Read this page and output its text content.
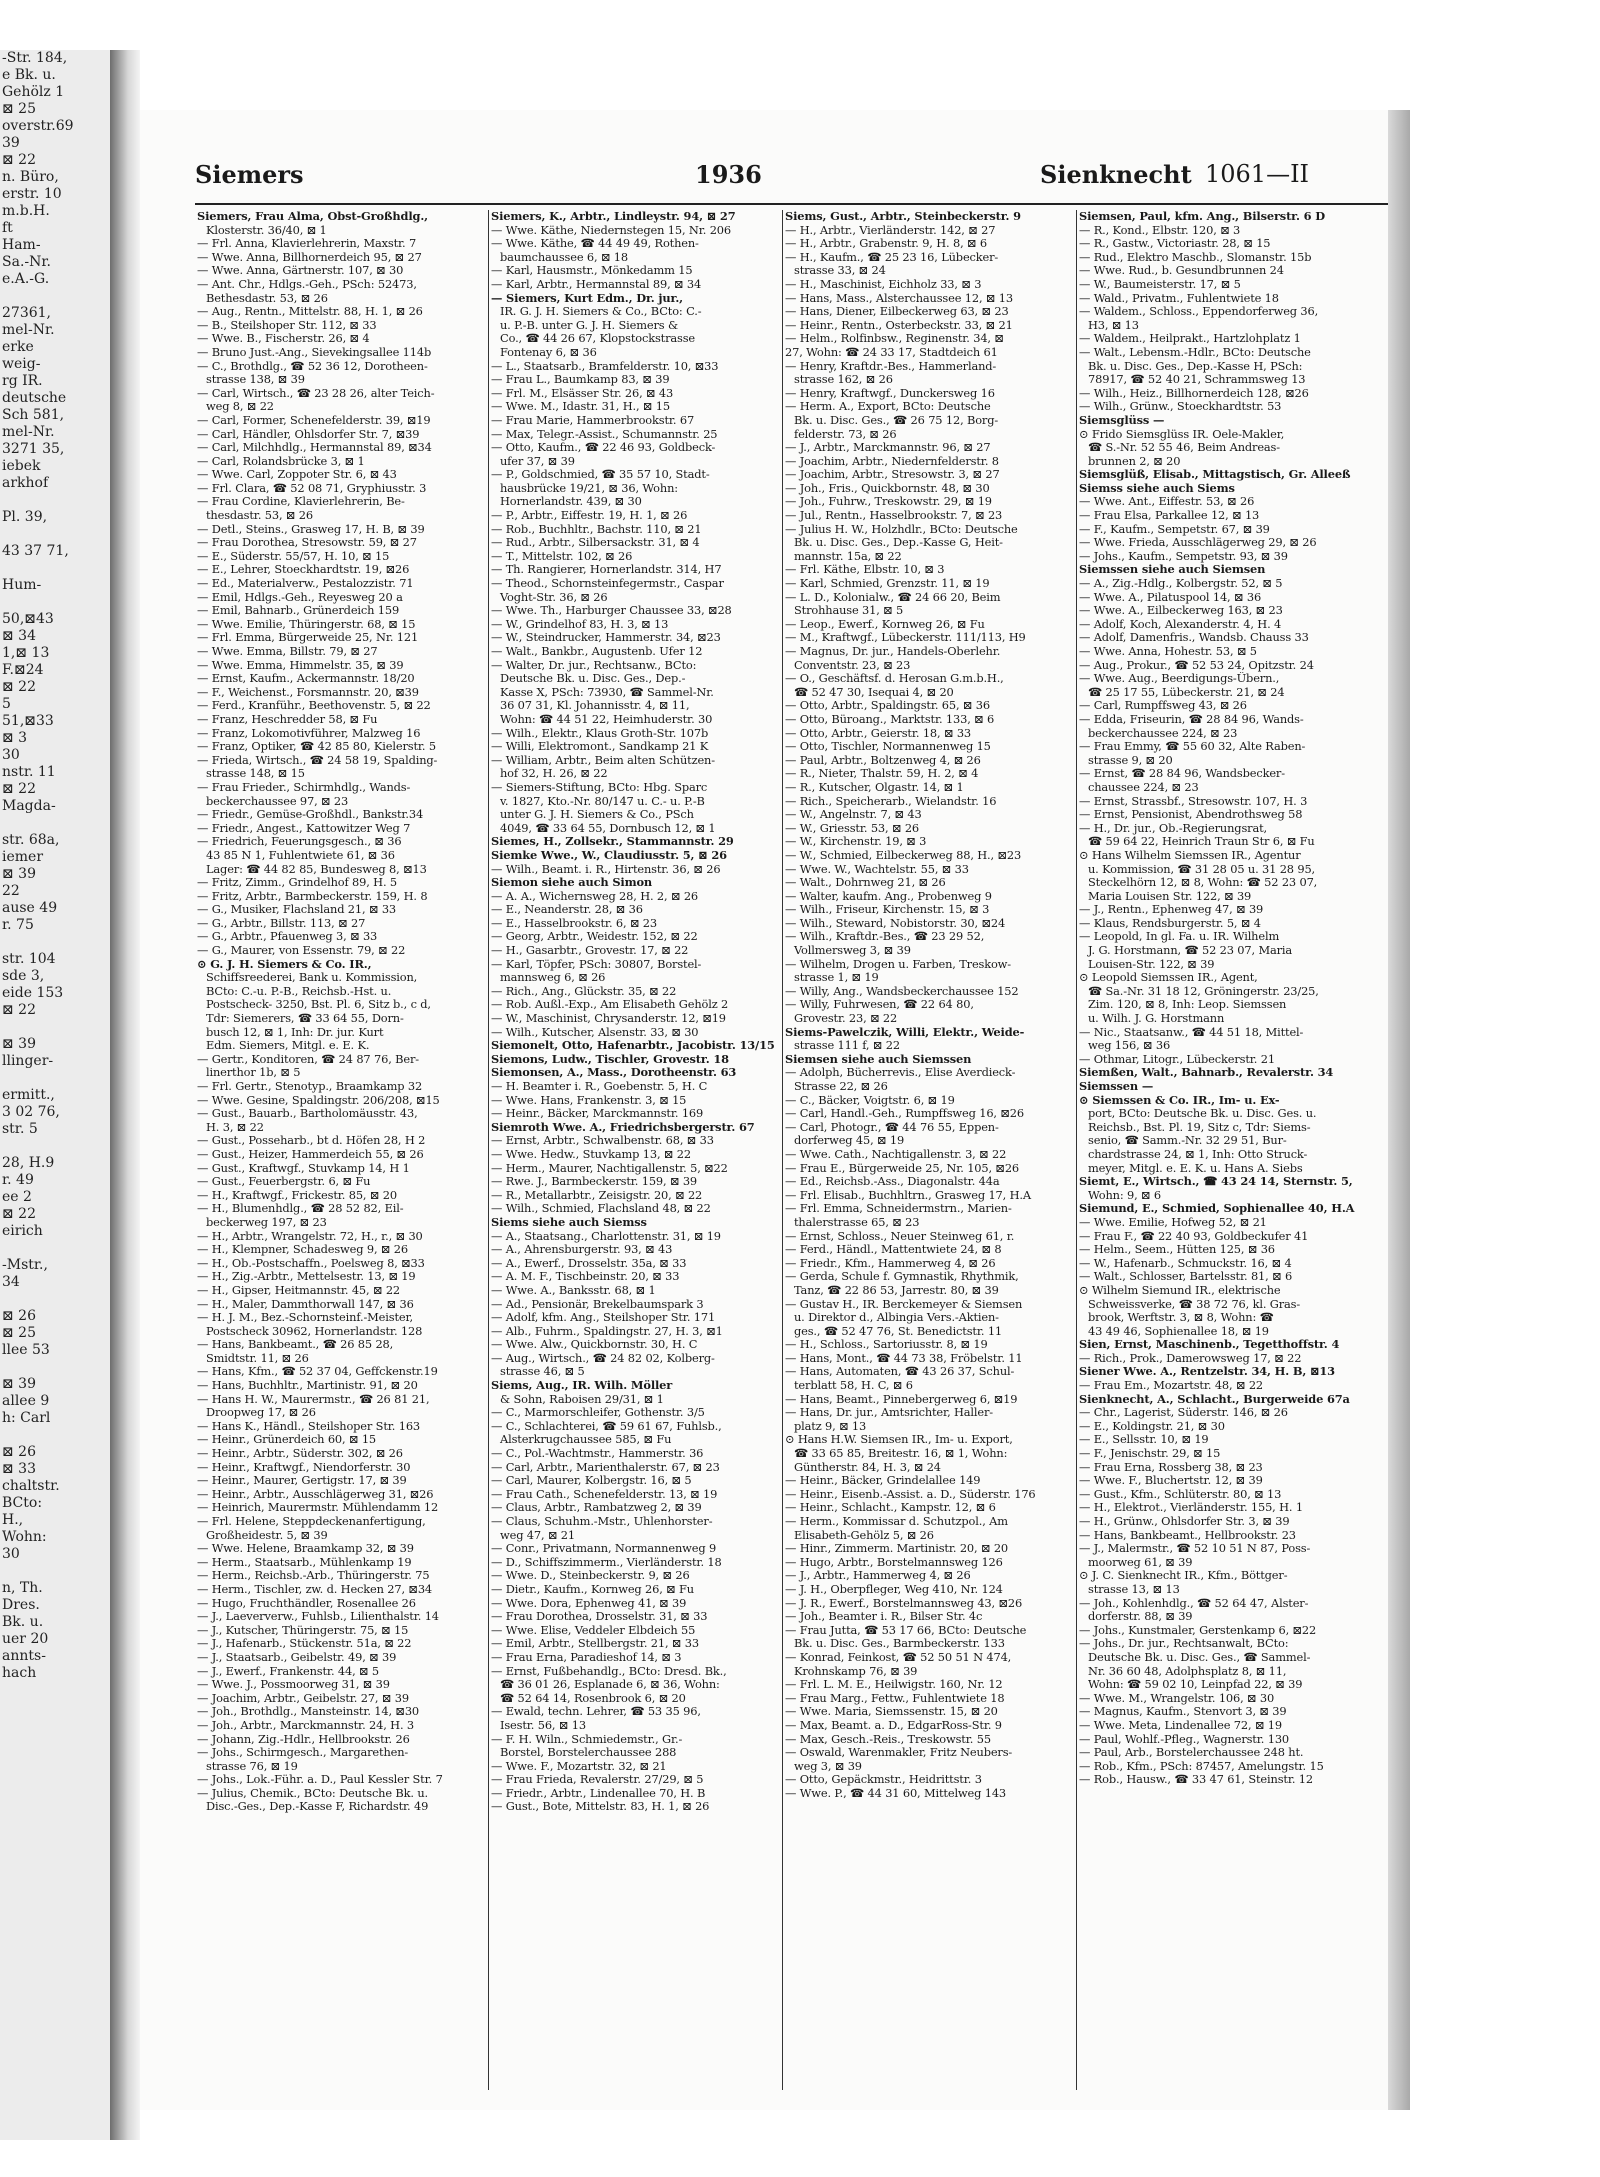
-Str. 184,
e Bk. u.
Gehölz 1
⊠ 25
overstr.69
39
⊠ 22
n. Büro,
erstr. 10
m.b.H.
ft
Ham-
Sa.-Nr.
e.A.-G.

27361,
mel-Nr.
erke
weig-
rg IR.
deutsche
Sch 581,
mel-Nr.
3271 35,
iebek
arkhof

Pl. 39,

43 37 71,

Hum-

50,⊠43
⊠ 34
1,⊠ 13
F.⊠24
⊠ 22
5
51,⊠33
⊠ 3
30
nstr. 11
⊠ 22
Magda-

str. 68a,
iemer
⊠ 39
22
ause 49
r. 75

str. 104
sde 3,
eide 153
⊠ 22

⊠ 39
llinger-

ermitt.,
3 02 76,
str. 5

28, H.9
r. 49
ee 2
⊠ 22
eirich

-Mstr.,
34

⊠ 26
⊠ 25
llee 53

⊠ 39
allee 9
h: Carl

⊠ 26
⊠ 33
chaltstr.
BCto:
H.,
Wohn:
30

n, Th.
Dres.
Bk. u.
uer 20
annts-
hach
Siemers	1936	Sienknecht 1061—II
Siemers, Frau Alma, Obst-Großhdlg.,
Klosterstr. 36/40, ⊠ 1
— Frl. Anna, Klavierlehrerin, Maxstr. 7
— Wwe. Anna, Billhornerdeich 95, ⊠ 27
— Wwe. Anna, Gärtnerstr. 107, ⊠ 30
— Ant. Chr., Hdlgs.-Geh., PSch: 52473,
Bethesdastr. 53, ⊠ 26
— Aug., Rentn., Mittelstr. 88, H. 1, ⊠ 26
— B., Steilshoper Str. 112, ⊠ 33
— Wwe. B., Fischerstr. 26, ⊠ 4
— Bruno Just.-Ang., Sievekingsallee 114b
— C., Brothdlg., ☎ 52 36 12, Dorotheen-
strasse 138, ⊠ 39
— Carl, Wirtsch., ☎ 23 28 26, alter Teich-
weg 8, ⊠ 22
— Carl, Former, Schenefelderstr. 39, ⊠19
— Carl, Händler, Ohlsdorfer Str. 7, ⊠39
— Carl, Milchhdlg., Hermannstal 89, ⊠34
— Carl, Rolandsbrücke 3, ⊠ 1
— Wwe. Carl, Zoppoter Str. 6, ⊠ 43
— Frl. Clara, ☎ 52 08 71, Gryphiusstr. 3
— Frau Cordine, Klavierlehrerin, Be-
thesdastr. 53, ⊠ 26
— Detl., Steins., Grasweg 17, H. B, ⊠ 39
— Frau Dorothea, Stresowstr. 59, ⊠ 27
— E., Süderstr. 55/57, H. 10, ⊠ 15
— E., Lehrer, Stoeckhardtstr. 19, ⊠26
— Ed., Materialverw., Pestalozzistr. 71
— Emil, Hdlgs.-Geh., Reyesweg 20 a
— Emil, Bahnarb., Grünerdeich 159
— Wwe. Emilie, Thüringerstr. 68, ⊠ 15
— Frl. Emma, Bürgerweide 25, Nr. 121
— Wwe. Emma, Billstr. 79, ⊠ 27
— Wwe. Emma, Himmelstr. 35, ⊠ 39
— Ernst, Kaufm., Ackermannstr. 18/20
— F., Weichenst., Forsmannstr. 20, ⊠39
— Ferd., Kranführ., Beethovenstr. 5, ⊠ 22
— Franz, Heschredder 58, ⊠ Fu
— Franz, Lokomotivführer, Malzweg 16
— Franz, Optiker, ☎ 42 85 80, Kielerstr. 5
— Frieda, Wirtsch., ☎ 24 58 19, Spalding-
strasse 148, ⊠ 15
— Frau Frieder., Schirmhdlg., Wands-
beckerchaussee 97, ⊠ 23
— Friedr., Gemüse-Großhdl., Bankstr.34
— Friedr., Angest., Kattowitzer Weg 7
— Friedrich, Feuerungsgesch., ⊠ 36
43 85 N 1, Fuhlentwiete 61, ⊠ 36
Lager: ☎ 44 82 85, Bundesweg 8, ⊠13
— Fritz, Zimm., Grindelhof 89, H. 5
— Fritz, Arbtr., Barmbeckerstr. 159, H. 8
— G., Musiker, Flachsland 21, ⊠ 33
— G., Arbtr., Billstr. 113, ⊠ 27
— G., Arbtr., Pfauenweg 3, ⊠ 33
— G., Maurer, von Essenstr. 79, ⊠ 22
⊙ G. J. H. Siemers & Co. IR.,
Schiffsreederei, Bank u. Kommission,
BCto: C.-u. P.-B., Reichsb.-Hst. u.
Postscheck- 3250, Bst. Pl. 6, Sitz b., c d,
Tdr: Siemerers, ☎ 33 64 55, Dorn-
busch 12, ⊠ 1, Inh: Dr. jur. Kurt
Edm. Siemers, Mitgl. e. E. K.
— Gertr., Konditoren, ☎ 24 87 76, Ber-
linerthor 1b, ⊠ 5
— Frl. Gertr., Stenotyp., Braamkamp 32
— Wwe. Gesine, Spaldingstr. 206/208, ⊠15
— Gust., Bauarb., Bartholomäusstr. 43,
H. 3, ⊠ 22
— Gust., Posseharb., bt d. Höfen 28, H 2
— Gust., Heizer, Hammerdeich 55, ⊠ 26
— Gust., Kraftwgf., Stuvkamp 14, H 1
— Gust., Feuerbergstr. 6, ⊠ Fu
— H., Kraftwgf., Frickestr. 85, ⊠ 20
— H., Blumenhdlg., ☎ 28 52 82, Eil-
beckerweg 197, ⊠ 23
— H., Arbtr., Wrangelstr. 72, H., r., ⊠ 30
— H., Klempner, Schadesweg 9, ⊠ 26
— H., Ob.-Postschaffn., Poelsweg 8, ⊠33
— H., Zig.-Arbtr., Mettelsestr. 13, ⊠ 19
— H., Gipser, Heitmannstr. 45, ⊠ 22
— H., Maler, Dammthorwall 147, ⊠ 36
— H. J. M., Bez.-Schornsteinf.-Meister,
Postscheck 30962, Hornerlandstr. 128
— Hans, Bankbeamt., ☎ 26 85 28,
Smidtstr. 11, ⊠ 26
— Hans, Kfm., ☎ 52 37 04, Geffckenstr.19
— Hans, Buchhltr., Martinistr. 91, ⊠ 20
— Hans H. W., Maurermstr., ☎ 26 81 21,
Droopweg 17, ⊠ 26
— Hans K., Händl., Steilshoper Str. 163
— Heinr., Grünerdeich 60, ⊠ 15
— Heinr., Arbtr., Süderstr. 302, ⊠ 26
— Heinr., Kraftwgf., Niendorferstr. 30
— Heinr., Maurer, Gertigstr. 17, ⊠ 39
— Heinr., Arbtr., Ausschlägerweg 31, ⊠26
— Heinrich, Maurermstr. Mühlendamm 12
— Frl. Helene, Steppdeckenanfertigung,
Großheidestr. 5, ⊠ 39
— Wwe. Helene, Braamkamp 32, ⊠ 39
— Herm., Staatsarb., Mühlenkamp 19
— Herm., Reichsb.-Arb., Thüringerstr. 75
— Herm., Tischler, zw. d. Hecken 27, ⊠34
— Hugo, Fruchthändler, Rosenallee 26
— J., Laeververw., Fuhlsb., Lilienthalstr. 14
— J., Kutscher, Thüringerstr. 75, ⊠ 15
— J., Hafenarb., Stückenstr. 51a, ⊠ 22
— J., Staatsarb., Geibelstr. 49, ⊠ 39
— J., Ewerf., Frankenstr. 44, ⊠ 5
— Wwe. J., Possmoorweg 31, ⊠ 39
— Joachim, Arbtr., Geibelstr. 27, ⊠ 39
— Joh., Brothdlg., Mansteinstr. 14, ⊠30
— Joh., Arbtr., Marckmannstr. 24, H. 3
— Johann, Zig.-Hdlr., Hellbrookstr. 26
— Johs., Schirmgesch., Margarethen-
strasse 76, ⊠ 19
— Johs., Lok.-Führ. a. D., Paul Kessler Str. 7
— Julius, Chemik., BCto: Deutsche Bk. u.
Disc.-Ges., Dep.-Kasse F, Richardstr. 49
Siemers, K., Arbtr., Lindleystr. 94, ⊠ 27
— Wwe. Käthe, Niedernstegen 15, Nr. 206
— Wwe. Käthe, ☎ 44 49 49, Rothen-
baumchaussee 6, ⊠ 18
— Karl, Hausmstr., Mönkedamm 15
— Karl, Arbtr., Hermannstal 89, ⊠ 34
— Siemers, Kurt Edm., Dr. jur.,
IR. G. J. H. Siemers & Co., BCto: C.-
u. P.-B. unter G. J. H. Siemers &
Co., ☎ 44 26 67, Klopstockstrasse
Fontenay 6, ⊠ 36
— L., Staatsarb., Bramfelderstr. 10, ⊠33
— Frau L., Baumkamp 83, ⊠ 39
— Frl. M., Elsässer Str. 26, ⊠ 43
— Wwe. M., Idastr. 31, H., ⊠ 15
— Frau Marie, Hammerbrookstr. 67
— Max, Telegr.-Assist., Schumannstr. 25
— Otto, Kaufm., ☎ 22 46 93, Goldbeck-
ufer 37, ⊠ 39
— P., Goldschmied, ☎ 35 57 10, Stadt-
hausbrücke 19/21, ⊠ 36, Wohn:
Hornerlandstr. 439, ⊠ 30
— P., Arbtr., Eiffestr. 19, H. 1, ⊠ 26
— Rob., Buchhltr., Bachstr. 110, ⊠ 21
— Rud., Arbtr., Silbersackstr. 31, ⊠ 4
— T., Mittelstr. 102, ⊠ 26
— Th. Rangierer, Hornerlandstr. 314, H7
— Theod., Schornsteinfegermstr., Caspar
Voght-Str. 36, ⊠ 26
— Wwe. Th., Harburger Chaussee 33, ⊠28
— W., Grindelhof 83, H. 3, ⊠ 13
— W., Steindrucker, Hammerstr. 34, ⊠23
— Walt., Bankbr., Augustenb. Ufer 12
— Walter, Dr. jur., Rechtsanw., BCto:
Deutsche Bk. u. Disc. Ges., Dep.-
Kasse X, PSch: 73930, ☎ Sammel-Nr.
36 07 31, Kl. Johannisstr. 4, ⊠ 11,
Wohn: ☎ 44 51 22, Heimhuderstr. 30
— Wilh., Elektr., Klaus Groth-Str. 107b
— Willi, Elektromont., Sandkamp 21 K
— William, Arbtr., Beim alten Schützen-
hof 32, H. 26, ⊠ 22
— Siemers-Stiftung, BCto: Hbg. Sparc
v. 1827, Kto.-Nr. 80/147 u. C.- u. P.-B
unter G. J. H. Siemers & Co., PSch
4049, ☎ 33 64 55, Dornbusch 12, ⊠ 1
Siemes, H., Zollsekr., Stammannstr. 29
Siemke Wwe., W., Claudiusstr. 5, ⊠ 26
— Wilh., Beamt. i. R., Hirtenstr. 36, ⊠ 26
Siemon siehe auch Simon
— A. A., Wichernsweg 28, H. 2, ⊠ 26
— E., Neanderstr. 28, ⊠ 36
— E., Hasselbrookstr. 6, ⊠ 23
— Georg, Arbtr., Weidestr. 152, ⊠ 22
— H., Gasarbtr., Grovestr. 17, ⊠ 22
— Karl, Töpfer, PSch: 30807, Borstel-
mannsweg 6, ⊠ 26
— Rich., Ang., Glückstr. 35, ⊠ 22
— Rob. Außl.-Exp., Am Elisabeth Gehölz 2
— W., Maschinist, Chrysanderstr. 12, ⊠19
— Wilh., Kutscher, Alsenstr. 33, ⊠ 30
Siemonelt, Otto, Hafenarbtr., Jacobistr. 13/15
Siemons, Ludw., Tischler, Grovestr. 18
Siemonsen, A., Mass., Dorotheenstr. 63
— H. Beamter i. R., Goebenstr. 5, H. C
— Wwe. Hans, Frankenstr. 3, ⊠ 15
— Heinr., Bäcker, Marckmannstr. 169
Siemroth Wwe. A., Friedrichsbergerstr. 67
— Ernst, Arbtr., Schwalbenstr. 68, ⊠ 33
— Wwe. Hedw., Stuvkamp 13, ⊠ 22
— Herm., Maurer, Nachtigallenstr. 5, ⊠22
— Rwe. J., Barmbeckerstr. 159, ⊠ 39
— R., Metallarbtr., Zeisigstr. 20, ⊠ 22
— Wilh., Schmied, Flachsland 48, ⊠ 22
Siems siehe auch Siemss
— A., Staatsang., Charlottenstr. 31, ⊠ 19
— A., Ahrensburgerstr. 93, ⊠ 43
— A., Ewerf., Drosselstr. 35a, ⊠ 33
— A. M. F., Tischbeinstr. 20, ⊠ 33
— Wwe. A., Banksstr. 68, ⊠ 1
— Ad., Pensionär, Brekelbaumspark 3
— Adolf, kfm. Ang., Steilshoper Str. 171
— Alb., Fuhrm., Spaldingstr. 27, H. 3, ⊠1
— Wwe. Alw., Quickbornstr. 30, H. C
— Aug., Wirtsch., ☎ 24 82 02, Kolberg-
strasse 46, ⊠ 5
Siems, Aug., IR. Wilh. Möller
& Sohn, Raboisen 29/31, ⊠ 1
— C., Marmorschleifer, Gothenstr. 3/5
— C., Schlachterei, ☎ 59 61 67, Fuhlsb.,
Alsterkrugchaussee 585, ⊠ Fu
— C., Pol.-Wachtmstr., Hammerstr. 36
— Carl, Arbtr., Marienthalerstr. 67, ⊠ 23
— Carl, Maurer, Kolbergstr. 16, ⊠ 5
— Frau Cath., Schenefelderstr. 13, ⊠ 19
— Claus, Arbtr., Rambatzweg 2, ⊠ 39
— Claus, Schuhm.-Mstr., Uhlenhorster-
weg 47, ⊠ 21
— Conr., Privatmann, Normannenweg 9
— D., Schiffszimmerm., Vierländerstr. 18
— Wwe. D., Steinbeckerstr. 9, ⊠ 26
— Dietr., Kaufm., Kornweg 26, ⊠ Fu
— Wwe. Dora, Ephenweg 41, ⊠ 39
— Frau Dorothea, Drosselstr. 31, ⊠ 33
— Wwe. Elise, Veddeler Elbdeich 55
— Emil, Arbtr., Stellbergstr. 21, ⊠ 33
— Frau Erna, Paradieshof 14, ⊠ 3
— Ernst, Fußbehandlg., BCto: Dresd. Bk.,
☎ 36 01 26, Esplanade 6, ⊠ 36, Wohn:
☎ 52 64 14, Rosenbrook 6, ⊠ 20
— Ewald, techn. Lehrer, ☎ 53 35 96,
Isestr. 56, ⊠ 13
— F. H. Wiln., Schmiedemstr., Gr.-
Borstel, Borstelerchaussee 288
— Wwe. F., Mozartstr. 32, ⊠ 21
— Frau Frieda, Revalerstr. 27/29, ⊠ 5
— Friedr., Arbtr., Lindenallee 70, H. B
— Gust., Bote, Mittelstr. 83, H. 1, ⊠ 26
Siems, Gust., Arbtr., Steinbeckerstr. 9
— H., Arbtr., Vierländerstr. 142, ⊠ 27
— H., Arbtr., Grabenstr. 9, H. 8, ⊠ 6
— H., Kaufm., ☎ 25 23 16, Lübecker-
strasse 33, ⊠ 24
— H., Maschinist, Eichholz 33, ⊠ 3
— Hans, Mass., Alsterchaussee 12, ⊠ 13
— Hans, Diener, Eilbeckerweg 63, ⊠ 23
— Heinr., Rentn., Osterbeckstr. 33, ⊠ 21
— Helm., Rolfinbsw., Reginenstr. 34, ⊠
27, Wohn: ☎ 24 33 17, Stadtdeich 61
— Henry, Kraftdr.-Bes., Hammerland-
strasse 162, ⊠ 26
— Henry, Kraftwgf., Dunckersweg 16
— Herm. A., Export, BCto: Deutsche
Bk. u. Disc. Ges., ☎ 26 75 12, Borg-
felderstr. 73, ⊠ 26
— J., Arbtr., Marckmannstr. 96, ⊠ 27
— Joachim, Arbtr., Niedernfelderstr. 8
— Joachim, Arbtr., Stresowstr. 3, ⊠ 27
— Joh., Fris., Quickbornstr. 48, ⊠ 30
— Joh., Fuhrw., Treskowstr. 29, ⊠ 19
— Jul., Rentn., Hasselbrookstr. 7, ⊠ 23
— Julius H. W., Holzhdlr., BCto: Deutsche
Bk. u. Disc. Ges., Dep.-Kasse G, Heit-
mannstr. 15a, ⊠ 22
— Frl. Käthe, Elbstr. 10, ⊠ 3
— Karl, Schmied, Grenzstr. 11, ⊠ 19
— L. D., Kolonialw., ☎ 24 66 20, Beim
Strohhause 31, ⊠ 5
— Leop., Ewerf., Kornweg 26, ⊠ Fu
— M., Kraftwgf., Lübeckerstr. 111/113, H9
— Magnus, Dr. jur., Handels-Oberlehr.
Conventstr. 23, ⊠ 23
— O., Geschäftsf. d. Herosan G.m.b.H.,
☎ 52 47 30, Isequai 4, ⊠ 20
— Otto, Arbtr., Spaldingstr. 65, ⊠ 36
— Otto, Büroang., Marktstr. 133, ⊠ 6
— Otto, Arbtr., Geierstr. 18, ⊠ 33
— Otto, Tischler, Normannenweg 15
— Paul, Arbtr., Boltzenweg 4, ⊠ 26
— R., Nieter, Thalstr. 59, H. 2, ⊠ 4
— R., Kutscher, Olgastr. 14, ⊠ 1
— Rich., Speicherarb., Wielandstr. 16
— W., Angelnstr. 7, ⊠ 43
— W., Griesstr. 53, ⊠ 26
— W., Kirchenstr. 19, ⊠ 3
— W., Schmied, Eilbeckerweg 88, H., ⊠23
— Wwe. W., Wachtelstr. 55, ⊠ 33
— Walt., Dohrnweg 21, ⊠ 26
— Walter, kaufm. Ang., Probenweg 9
— Wilh., Friseur, Kirchenstr. 15, ⊠ 3
— Wilh., Steward, Nobistorstr. 30, ⊠24
— Wilh., Kraftdr.-Bes., ☎ 23 29 52,
Vollmersweg 3, ⊠ 39
— Wilhelm, Drogen u. Farben, Treskow-
strasse 1, ⊠ 19
— Willy, Ang., Wandsbeckerchaussee 152
— Willy, Fuhrwesen, ☎ 22 64 80,
Grovestr. 23, ⊠ 22
Siems-Pawelczik, Willi, Elektr., Weide-
strasse 111 f, ⊠ 22
Siemsen siehe auch Siemssen
— Adolph, Bücherrevis., Elise Averdieck-
Strasse 22, ⊠ 26
— C., Bäcker, Voigtstr. 6, ⊠ 19
— Carl, Handl.-Geh., Rumpffsweg 16, ⊠26
— Carl, Photogr., ☎ 44 76 55, Eppen-
dorferweg 45, ⊠ 19
— Wwe. Cath., Nachtigallenstr. 3, ⊠ 22
— Frau E., Bürgerweide 25, Nr. 105, ⊠26
— Ed., Reichsb.-Ass., Diagonalstr. 44a
— Frl. Elisab., Buchhltrn., Grasweg 17, H.A
— Frl. Emma, Schneidermstrn., Marien-
thalerstrasse 65, ⊠ 23
— Ernst, Schloss., Neuer Steinweg 61, r.
— Ferd., Händl., Mattentwiete 24, ⊠ 8
— Friedr., Kfm., Hammerweg 4, ⊠ 26
— Gerda, Schule f. Gymnastik, Rhythmik,
Tanz, ☎ 22 86 53, Jarrestr. 80, ⊠ 39
— Gustav H., IR. Berckemeyer & Siemsen
u. Direktor d., Albingia Vers.-Aktien-
ges., ☎ 52 47 76, St. Benedictstr. 11
— H., Schloss., Sartoriusstr. 8, ⊠ 19
— Hans, Mont., ☎ 44 73 38, Fröbelstr. 11
— Hans, Automaten, ☎ 43 26 37, Schul-
terblatt 58, H. C, ⊠ 6
— Hans, Beamt., Pinnebergerweg 6, ⊠19
— Hans, Dr. jur., Amtsrichter, Haller-
platz 9, ⊠ 13
⊙ Hans H.W. Siemsen IR., Im- u. Export,
☎ 33 65 85, Breitestr. 16, ⊠ 1, Wohn:
Güntherstr. 84, H. 3, ⊠ 24
— Heinr., Bäcker, Grindelallee 149
— Heinr., Eisenb.-Assist. a. D., Süderstr. 176
— Heinr., Schlacht., Kampstr. 12, ⊠ 6
— Herm., Kommissar d. Schutzpol., Am
Elisabeth-Gehölz 5, ⊠ 26
— Hinr., Zimmerm. Martinistr. 20, ⊠ 20
— Hugo, Arbtr., Borstelmannsweg 126
— J., Arbtr., Hammerweg 4, ⊠ 26
— J. H., Oberpfleger, Weg 410, Nr. 124
— J. R., Ewerf., Borstelmannsweg 43, ⊠26
— Joh., Beamter i. R., Bilser Str. 4c
— Frau Jutta, ☎ 53 17 66, BCto: Deutsche
Bk. u. Disc. Ges., Barmbeckerstr. 133
— Konrad, Feinkost, ☎ 52 50 51 N 474,
Krohnskamp 76, ⊠ 39
— Frl. L. M. E., Heilwigstr. 160, Nr. 12
— Frau Marg., Fettw., Fuhlentwiete 18
— Wwe. Maria, Siemssenstr. 15, ⊠ 20
— Max, Beamt. a. D., EdgarRoss-Str. 9
— Max, Gesch.-Reis., Treskowstr. 55
— Oswald, Warenmakler, Fritz Neubers-
weg 3, ⊠ 39
— Otto, Gepäckmstr., Heidrittstr. 3
— Wwe. P., ☎ 44 31 60, Mittelweg 143
Siemsen, Paul, kfm. Ang., Bilserstr. 6 D
— R., Kond., Elbstr. 120, ⊠ 3
— R., Gastw., Victoriastr. 28, ⊠ 15
— Rud., Elektro Maschb., Slomanstr. 15b
— Wwe. Rud., b. Gesundbrunnen 24
— W., Baumeisterstr. 17, ⊠ 5
— Wald., Privatm., Fuhlentwiete 18
— Waldem., Schloss., Eppendorferweg 36,
H3, ⊠ 13
— Waldem., Heilprakt., Hartzlohplatz 1
— Walt., Lebensm.-Hdlr., BCto: Deutsche
Bk. u. Disc. Ges., Dep.-Kasse H, PSch:
78917, ☎ 52 40 21, Schrammsweg 13
— Wilh., Heiz., Billhornerdeich 128, ⊠26
— Wilh., Grünw., Stoeckhardtstr. 53
Siemsglüss —
⊙ Frido Siemsglüss IR. Oele-Makler,
☎ S.-Nr. 52 55 46, Beim Andreas-
brunnen 2, ⊠ 20
Siemsglüß, Elisab., Mittagstisch, Gr. Alleeß
Siemss siehe auch Siems
— Wwe. Ant., Eiffestr. 53, ⊠ 26
— Frau Elsa, Parkallee 12, ⊠ 13
— F., Kaufm., Sempetstr. 67, ⊠ 39
— Wwe. Frieda, Ausschlägerweg 29, ⊠ 26
— Johs., Kaufm., Sempetstr. 93, ⊠ 39
Siemssen siehe auch Siemsen
— A., Zig.-Hdlg., Kolbergstr. 52, ⊠ 5
— Wwe. A., Pilatuspool 14, ⊠ 36
— Wwe. A., Eilbeckerweg 163, ⊠ 23
— Adolf, Koch, Alexanderstr. 4, H. 4
— Adolf, Damenfris., Wandsb. Chauss 33
— Wwe. Anna, Hohestr. 53, ⊠ 5
— Aug., Prokur., ☎ 52 53 24, Opitzstr. 24
— Wwe. Aug., Beerdigungs-Übern.,
☎ 25 17 55, Lübeckerstr. 21, ⊠ 24
— Carl, Rumpffsweg 43, ⊠ 26
— Edda, Friseurin, ☎ 28 84 96, Wands-
beckerchaussee 224, ⊠ 23
— Frau Emmy, ☎ 55 60 32, Alte Raben-
strasse 9, ⊠ 20
— Ernst, ☎ 28 84 96, Wandsbecker-
chaussee 224, ⊠ 23
— Ernst, Strassbf., Stresowstr. 107, H. 3
— Ernst, Pensionist, Abendrothsweg 58
— H., Dr. jur., Ob.-Regierungsrat,
☎ 59 64 22, Heinrich Traun Str 6, ⊠ Fu
⊙ Hans Wilhelm Siemssen IR., Agentur
u. Kommission, ☎ 31 28 05 u. 31 28 95,
Steckelhörn 12, ⊠ 8, Wohn: ☎ 52 23 07,
Maria Louisen Str. 122, ⊠ 39
— J., Rentn., Ephenweg 47, ⊠ 39
— Klaus, Rendsburgerstr. 5, ⊠ 4
— Leopold, In gl. Fa. u. IR. Wilhelm
J. G. Horstmann, ☎ 52 23 07, Maria
Louisen-Str. 122, ⊠ 39
⊙ Leopold Siemssen IR., Agent,
☎ Sa.-Nr. 31 18 12, Gröningerstr. 23/25,
Zim. 120, ⊠ 8, Inh: Leop. Siemssen
u. Wilh. J. G. Horstmann
— Nic., Staatsanw., ☎ 44 51 18, Mittel-
weg 156, ⊠ 36
— Othmar, Litogr., Lübeckerstr. 21
Siemßen, Walt., Bahnarb., Revalerstr. 34
Siemssen —
⊙ Siemssen & Co. IR., Im- u. Ex-
port, BCto: Deutsche Bk. u. Disc. Ges. u.
Reichsb., Bst. Pl. 19, Sitz c, Tdr: Siems-
senio, ☎ Samm.-Nr. 32 29 51, Bur-
chardstrasse 24, ⊠ 1, Inh: Otto Struck-
meyer, Mitgl. e. E. K. u. Hans A. Siebs
Siemt, E., Wirtsch., ☎ 43 24 14, Sternstr. 5,
Wohn: 9, ⊠ 6
Siemund, E., Schmied, Sophienallee 40, H.A
— Wwe. Emilie, Hofweg 52, ⊠ 21
— Frau F., ☎ 22 40 93, Goldbeckufer 41
— Helm., Seem., Hütten 125, ⊠ 36
— W., Hafenarb., Schmuckstr. 16, ⊠ 4
— Walt., Schlosser, Bartelsstr. 81, ⊠ 6
⊙ Wilhelm Siemund IR., elektrische
Schweissverke, ☎ 38 72 76, kl. Gras-
brook, Werftstr. 3, ⊠ 8, Wohn: ☎
43 49 46, Sophienallee 18, ⊠ 19
Sien, Ernst, Maschinenb., Tegetthoffstr. 4
— Rich., Prok., Damerowsweg 17, ⊠ 22
Siener Wwe. A., Rentzelstr. 34, H. B, ⊠13
— Frau Em., Mozartstr. 48, ⊠ 22
Sienknecht, A., Schlacht., Burgerweide 67a
— Chr., Lagerist, Süderstr. 146, ⊠ 26
— E., Koldingstr. 21, ⊠ 30
— E., Sellsstr. 10, ⊠ 19
— F., Jenischstr. 29, ⊠ 15
— Frau Erna, Rossberg 38, ⊠ 23
— Wwe. F., Bluchertstr. 12, ⊠ 39
— Gust., Kfm., Schlüterstr. 80, ⊠ 13
— H., Elektrot., Vierländerstr. 155, H. 1
— H., Grünw., Ohlsdorfer Str. 3, ⊠ 39
— Hans, Bankbeamt., Hellbrookstr. 23
— J., Malermstr., ☎ 52 10 51 N 87, Poss-
moorweg 61, ⊠ 39
⊙ J. C. Sienknecht IR., Kfm., Böttger-
strasse 13, ⊠ 13
— Joh., Kohlenhdlg., ☎ 52 64 47, Alster-
dorferstr. 88, ⊠ 39
— Johs., Kunstmaler, Gerstenkamp 6, ⊠22
— Johs., Dr. jur., Rechtsanwalt, BCto:
Deutsche Bk. u. Disc. Ges., ☎ Sammel-
Nr. 36 60 48, Adolphsplatz 8, ⊠ 11,
Wohn: ☎ 59 02 10, Leinpfad 22, ⊠ 39
— Wwe. M., Wrangelstr. 106, ⊠ 30
— Magnus, Kaufm., Stenvort 3, ⊠ 39
— Wwe. Meta, Lindenallee 72, ⊠ 19
— Paul, Wohlf.-Pfleg., Wagnerstr. 130
— Paul, Arb., Borstelerchaussee 248 ht.
— Rob., Kfm., PSch: 87457, Amelungstr. 15
— Rob., Hausw., ☎ 33 47 61, Steinstr. 12
